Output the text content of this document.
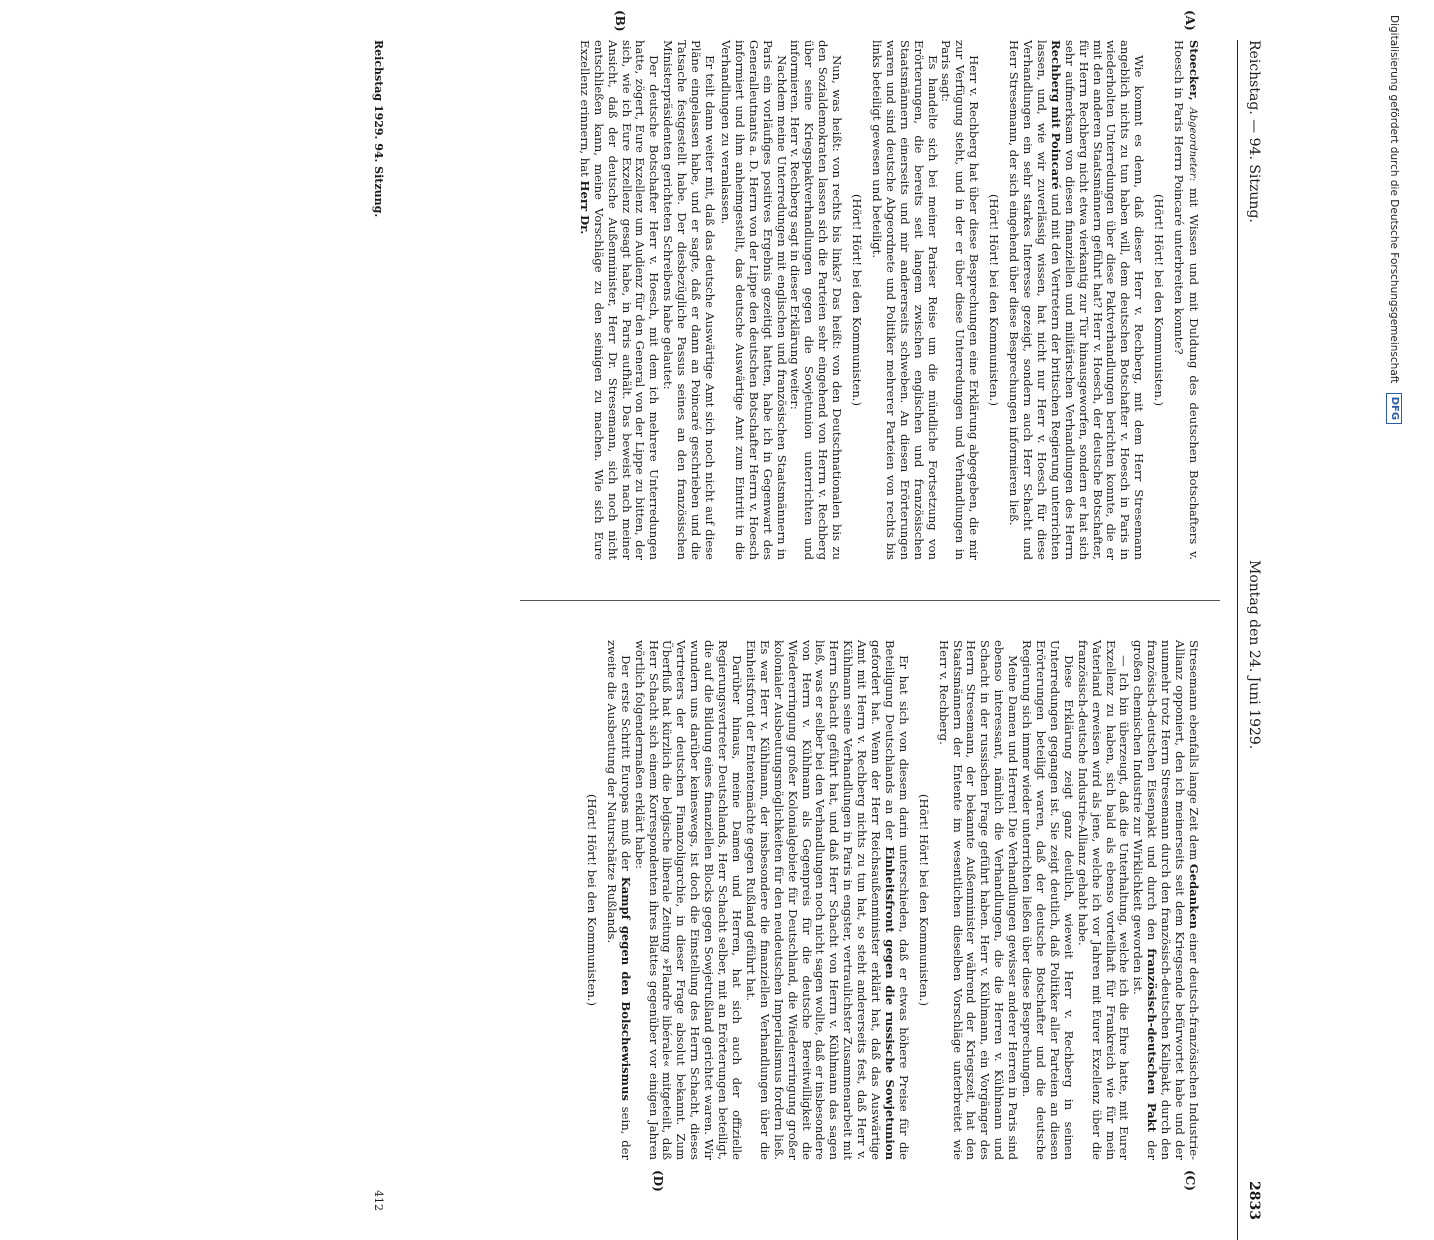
Reichstag. — 94. Sitzung.
Montag den 24. Juni 1929.
2833
(A)
(B)
(C)
(D)

Stoecker, Abgeordneter: mit Wissen und mit Duldung des deutschen Botschafters v. Hoesch in Paris Herrn Poincaré unterbreiten konnte?

(Hört! Hört! bei den Kommunisten.)

Wie kommt es denn, daß dieser Herr v. Rechberg, mit dem Herr Stresemann angeblich nichts zu tun haben will, dem deutschen Botschafter v. Hoesch in Paris in wiederholten Unterredungen über diese Paktverhandlungen berichten konnte, die er mit den anderen Staatsmännern geführt hat? Herr v. Hoesch, der deutsche Botschafter, für Herrn Rechberg nicht etwa vierkantig zur Tür hinausgeworfen, sondern er hat sich sehr aufmerksam von diesen finanziellen und militärischen Verhandlungen des Herrn Rechberg mit Poincaré und mit den Vertretern der britischen Regierung unterrichten lassen, und, wie wir zuverlässig wissen, hat nicht nur Herr v. Hoesch für diese Verhandlungen ein sehr starkes Interesse gezeigt, sondern auch Herr Schacht und Herr Stresemann, der sich eingehend über diese Besprechungen informieren ließ.

(Hört! Hört! bei den Kommunisten.)

Herr v. Rechberg hat über diese Besprechungen eine Erklärung abgegeben, die mir zur Verfügung steht, und in der er über diese Unterredungen und Verhandlungen in Paris sagt:

Es handelte sich bei meiner Pariser Reise um die mündliche Fortsetzung von Erörterungen, die bereits seit langem zwischen englischen und französischen Staatsmännern einerseits und mir andererseits schweben. An diesen Erörterungen waren und sind deutsche Abgeordnete und Politiker mehrerer Parteien von rechts bis links beteiligt gewesen und beteiligt.

(Hört! Hört! bei den Kommunisten.)

Nun, was heißt: von rechts bis links? Das heißt: von den Deutschnationalen bis zu den Sozialdemokraten lassen sich die Parteien sehr eingehend von Herrn v. Rechberg über seine Kriegspaktverhandlungen gegen die Sowjetunion unterrichten und informieren. Herr v. Rechberg sagt in dieser Erklärung weiter:

Nachdem meine Unterredungen mit englischen und französischen Staatsmännern in Paris ein vorläufiges positives Ergebnis gezeitigt hatten, habe ich in Gegenwart des Generalleutnants a. D. Herrn von der Lippe den deutschen Botschafter Herrn v. Hoesch informiert und ihm anheimgestellt, das deutsche Auswärtige Amt zum Eintritt in die Verhandlungen zu veranlassen.

Er teilt dann weiter mit, daß das deutsche Auswärtige Amt sich noch nicht auf diese Pläne eingelassen habe, und er sagte, daß er dann an Poincaré geschrieben und die Tatsache festgestellt habe. Der diesbezügliche Passus seines an den französischen Ministerpräsidenten gerichteten Schreibens habe gelautet:

Der deutsche Botschafter Herr v. Hoesch, mit dem ich mehrere Unterredungen hatte, zögert, Eure Exzellenz um Audienz für den General von der Lippe zu bitten, der sich, wie ich Eure Exzellenz gesagt habe, in Paris aufhält. Das beweist nach meiner Ansicht, daß der deutsche Außenminister, Herr Dr. Stresemann, sich noch nicht entschließen kann, meine Vorschläge zu den seinigen zu machen. Wie sich Eure Exzellenz erinnern, hat Herr Dr.

Stresemann ebenfalls lange Zeit dem Gedanken einer deutsch-französischen Industrie-Allianz opponiert, den ich meinerseits seit dem Kriegsende befürwortet habe und der nunmehr trotz Herrn Stresemann durch den französisch-deutschen Kalipakt, durch den französisch-deutschen Eisenpakt und durch den französisch-deutschen Pakt der großen chemischen Industrie zur Wirklichkeit geworden ist.

— Ich bin überzeugt, daß die Unterhaltung, welche ich die Ehre hatte, mit Eurer Exzellenz zu haben, sich bald als ebenso vorteilhaft für Frankreich wie für mein Vaterland erweisen wird als jene, welche ich vor Jahren mit Eurer Exzellenz über die französisch-deutsche Industrie-Allianz gehabt habe.

Diese Erklärung zeigt ganz deutlich, wieweit Herr v. Rechberg in seinen Unterredungen gegangen ist. Sie zeigt deutlich, daß Politiker aller Parteien an diesen Erörterungen beteiligt waren, daß der deutsche Botschafter und die deutsche Regierung sich immer wieder unterrichten ließen über diese Besprechungen.

Meine Damen und Herren! Die Verhandlungen gewisser anderer Herren in Paris sind ebenso interessant, nämlich die Verhandlungen, die die Herren v. Kühlmann und Schacht in der russischen Frage geführt haben. Herr v. Kühlmann, ein Vorgänger des Herrn Stresemann, der bekannte Außenminister während der Kriegszeit, hat den Staatsmännern der Entente im wesentlichen dieselben Vorschläge unterbreitet wie Herr v. Rechberg.

(Hört! Hört! bei den Kommunisten.)

Er hat sich von diesem darin unterschieden, daß er etwas höhere Preise für die Beteiligung Deutschlands an der Einheitsfront gegen die russische Sowjetunion gefordert hat. Wenn der Herr Reichsaußenminister erklärt hat, daß das Auswärtige Amt mit Herrn v. Rechberg nichts zu tun hat, so steht andererseits fest, daß Herr v. Kühlmann seine Verhandlungen in Paris in engster, vertraulichster Zusammenarbeit mit Herrn Schacht geführt hat, und daß Herr Schacht von Herrn v. Kühlmann das sagen ließ, was er selber bei den Verhandlungen noch nicht sagen wollte, daß er insbesondere von Herrn v. Kühlmann als Gegenpreis für die deutsche Bereitwilligkeit die Wiedererringung großer Kolonialgebiete für Deutschland, die Wiedererringung großer kolonialer Ausbeutungsmöglichkeiten für den neudeutschen Imperialismus fordern ließ. Es war Herr v. Kühlmann, der insbesondere die finanziellen Verhandlungen über die Einheitsfront der Ententemächte gegen Rußland geführt hat.

Darüber hinaus, meine Damen und Herren, hat sich auch der offizielle Regierungsvertreter Deutschlands, Herr Schacht selber, mit an Erörterungen beteiligt, die auf die Bildung eines finanziellen Blocks gegen Sowjetrußland gerichtet waren. Wir wundern uns darüber keineswegs, ist doch die Einstellung des Herrn Schacht, dieses Vertreters der deutschen Finanzoligarchie, in dieser Frage absolut bekannt. Zum Überfluß hat kürzlich die belgische liberale Zeitung »Flandre libérale« mitgeteilt, daß Herr Schacht sich einem Korrespondenten ihres Blattes gegenüber vor einigen Jahren wörtlich folgendermaßen erklärt habe:

Der erste Schritt Europas muß der Kampf gegen den Bolschewismus sein, der zweite die Ausbeutung der Naturschätze Rußlands.

(Hört! Hört! bei den Kommunisten.)

Reichstag 1929. 94. Sitzung.
412
Digitalisierung gefördert durch die Deutsche Forschungsgemeinschaft DFG
